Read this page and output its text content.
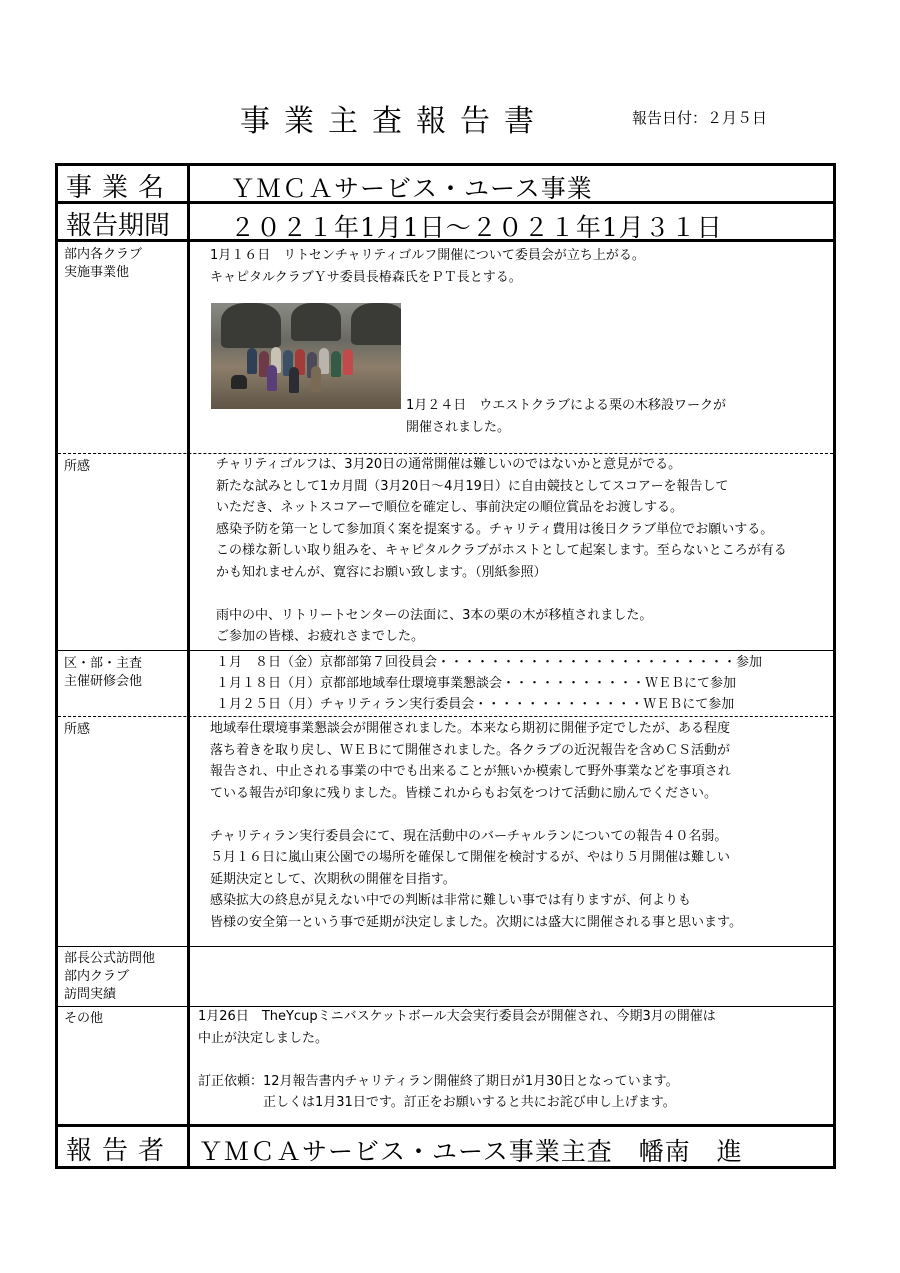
事業主査報告書	報告日付：２月５日
事業名 ＹＭＣＡサービス・ユース事業
報告期間 ２０２１年1月1日～２０２１年1月３１日
部内各クラブ
実施事業他
1月１６日　リトセンチャリティゴルフ開催について委員会が立ち上がる。
キャピタルクラブＹサ委員長椿森氏をＰＴ長とする。
1月２４日　ウエストクラブによる栗の木移設ワークが
開催されました。
所感	チャリティゴルフは、3月20日の通常開催は難しいのではないかと意見がでる。
新たな試みとして1カ月間（3月20日～4月19日）に自由競技としてスコアーを報告して
いただき、ネットスコアーで順位を確定し、事前決定の順位賞品をお渡しする。
感染予防を第一として参加頂く案を提案する。チャリティ費用は後日クラブ単位でお願いする。
この様な新しい取り組みを、キャピタルクラブがホストとして起案します。至らないところが有る
かも知れませんが、寛容にお願い致します。（別紙参照）

雨中の中、リトリートセンターの法面に、3本の栗の木が移植されました。
ご参加の皆様、お疲れさまでした。
区・部・主査
主催研修会他
１月　８日（金）京都部第７回役員会・・・・・・・・・・・・・・・・・・・・・・・参加
１月１８日（月）京都部地域奉仕環境事業懇談会・・・・・・・・・・・ＷＥＢにて参加
１月２５日（月）チャリティラン実行委員会・・・・・・・・・・・・・ＷＥＢにて参加
所感	地域奉仕環境事業懇談会が開催されました。本来なら期初に開催予定でしたが、ある程度
落ち着きを取り戻し、ＷＥＢにて開催されました。各クラブの近況報告を含めＣＳ活動が
報告され、中止される事業の中でも出来ることが無いか模索して野外事業などを事項され
ている報告が印象に残りました。皆様これからもお気をつけて活動に励んでください。

チャリティラン実行委員会にて、現在活動中のバーチャルランについての報告４０名弱。
５月１６日に嵐山東公園での場所を確保して開催を検討するが、やはり５月開催は難しい
延期決定として、次期秋の開催を目指す。
感染拡大の終息が見えない中での判断は非常に難しい事では有りますが、何よりも
皆様の安全第一という事で延期が決定しました。次期には盛大に開催される事と思います。
部長公式訪問他
部内クラブ
訪問実績
その他	1月26日　TheYcupミニバスケットボール大会実行委員会が開催され、今期3月の開催は
中止が決定しました。

訂正依頼：12月報告書内チャリティラン開催終了期日が1月30日となっています。
　　　　　正しくは1月31日です。訂正をお願いすると共にお詫び申し上げます。
報告者 ＹＭＣＡサービス・ユース事業主査　幡南　進
